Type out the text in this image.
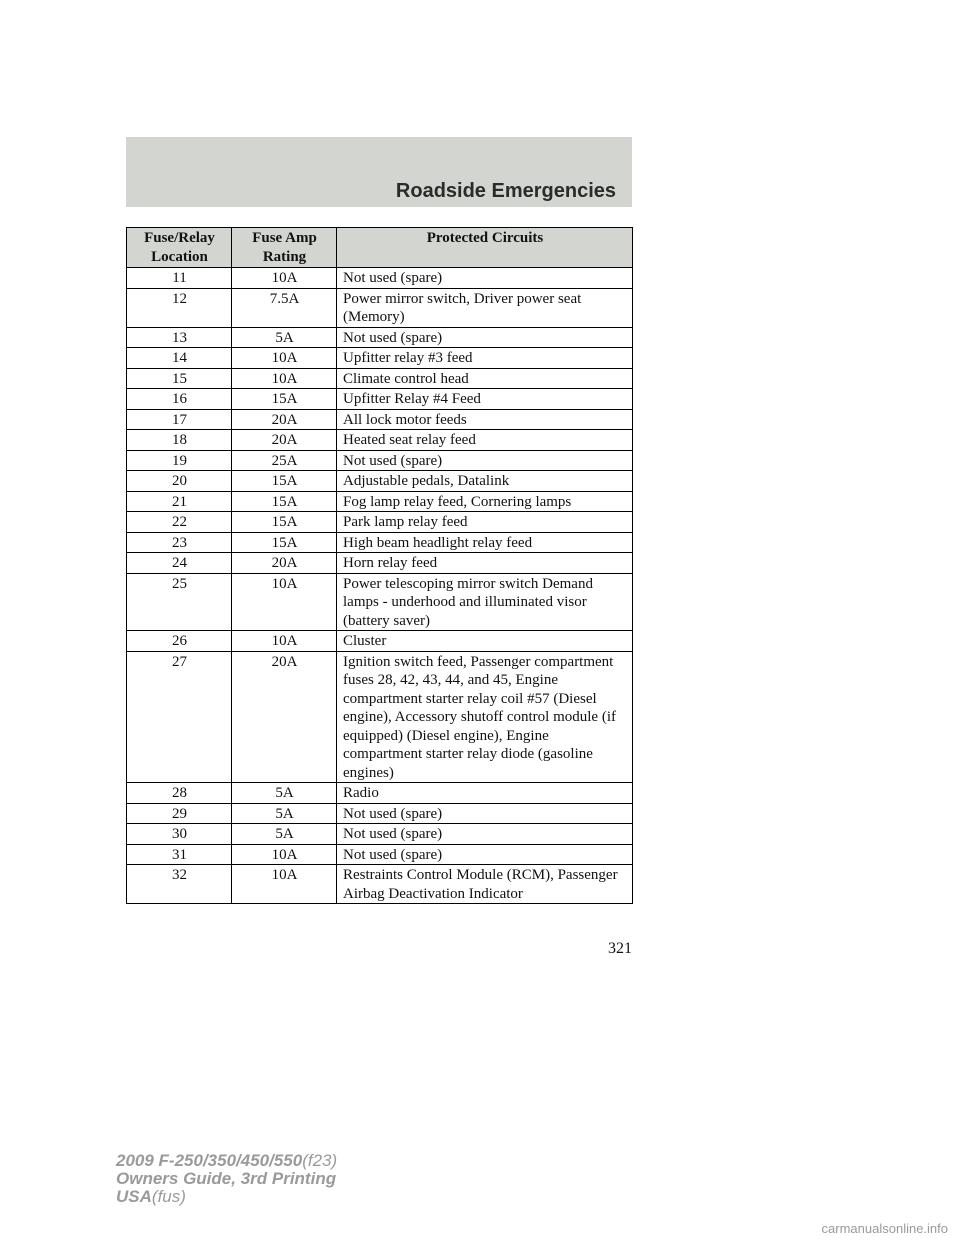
Roadside Emergencies
Fuse/Relay Location	Fuse Amp Rating	Protected Circuits
11	10A	Not used (spare)
12	7.5A	Power mirror switch, Driver power seat (Memory)
13	5A	Not used (spare)
14	10A	Upfitter relay #3 feed
15	10A	Climate control head
16	15A	Upfitter Relay #4 Feed
17	20A	All lock motor feeds
18	20A	Heated seat relay feed
19	25A	Not used (spare)
20	15A	Adjustable pedals, Datalink
21	15A	Fog lamp relay feed, Cornering lamps
22	15A	Park lamp relay feed
23	15A	High beam headlight relay feed
24	20A	Horn relay feed
25	10A	Power telescoping mirror switch Demand lamps - underhood and illuminated visor (battery saver)
26	10A	Cluster
27	20A	Ignition switch feed, Passenger compartment fuses 28, 42, 43, 44, and 45, Engine compartment starter relay coil #57 (Diesel engine), Accessory shutoff control module (if equipped) (Diesel engine), Engine compartment starter relay diode (gasoline engines)
28	5A	Radio
29	5A	Not used (spare)
30	5A	Not used (spare)
31	10A	Not used (spare)
32	10A	Restraints Control Module (RCM), Passenger Airbag Deactivation Indicator
321
2009 F-250/350/450/550(f23)
Owners Guide, 3rd Printing
USA(fus)
carmanualsonline.info
